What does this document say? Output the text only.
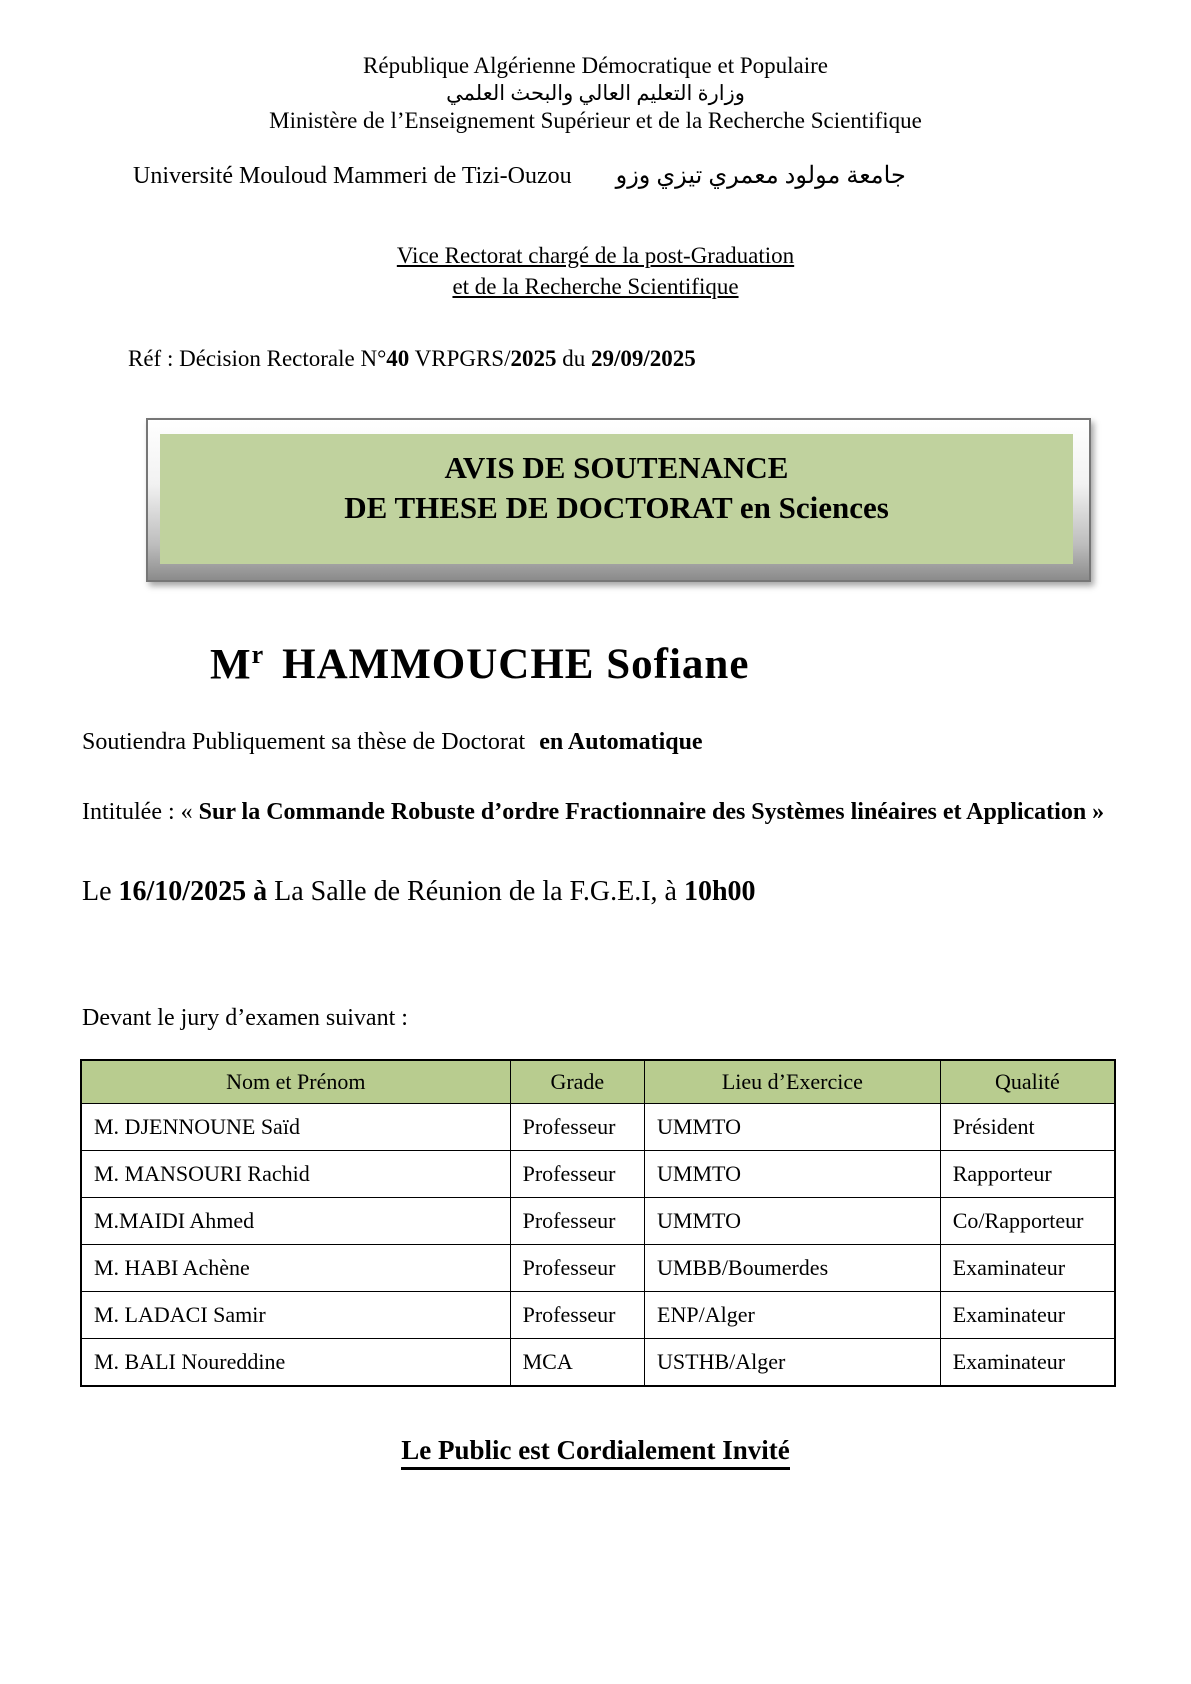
République Algérienne Démocratique et Populaire
وزارة التعليم العالي والبحث العلمي
Ministère de l’Enseignement Supérieur et de la Recherche Scientifique
Université Mouloud Mammeri de Tizi-Ouzou جامعة مولود معمري تيزي وزو
Vice Rectorat chargé de la post-Graduation
et de la Recherche Scientifique
Réf : Décision Rectorale N°40 VRPGRS/2025 du 29/09/2025
AVIS DE SOUTENANCE
DE THESE DE DOCTORAT en Sciences
$M^r$ HAMMOUCHE Sofiane
Soutiendra Publiquement sa thèse de Doctorat en Automatique
Intitulée : « Sur la Commande Robuste d’ordre Fractionnaire des Systèmes linéaires et Application »
Le 16/10/2025 à La Salle de Réunion de la F.G.E.I, à 10h00
Devant le jury d’examen suivant :
Nom et Prénom	Grade	Lieu d’Exercice	Qualité
M. DJENNOUNE Saïd	Professeur	UMMTO	Président
M. MANSOURI Rachid	Professeur	UMMTO	Rapporteur
M.MAIDI Ahmed	Professeur	UMMTO	Co/Rapporteur
M. HABI Achène	Professeur	UMBB/Boumerdes	Examinateur
M. LADACI Samir	Professeur	ENP/Alger	Examinateur
M. BALI Noureddine	MCA	USTHB/Alger	Examinateur
Le Public est Cordialement Invité
